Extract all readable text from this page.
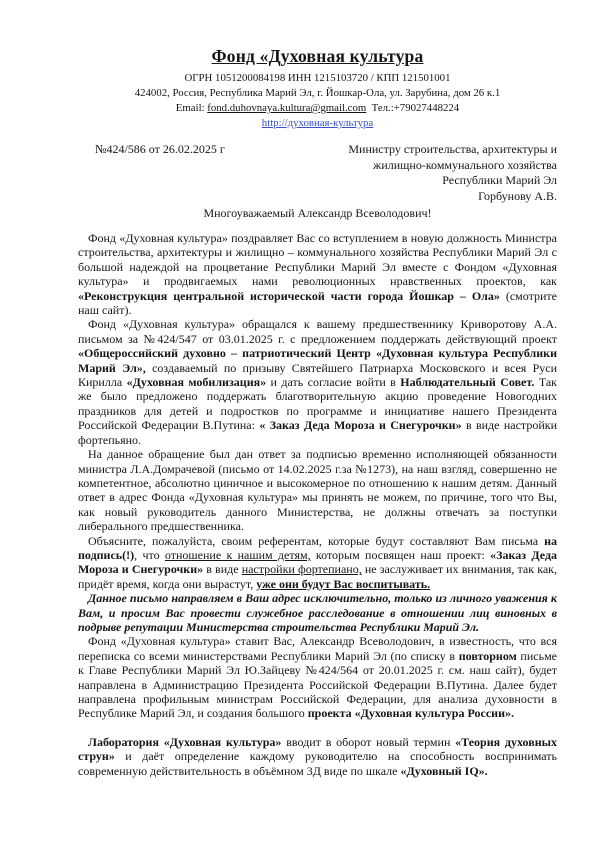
Фонд «Духовная культура
ОГРН 1051200084198 ИНН 1215103720 / КПП 121501001
424002, Россия, Республика Марий Эл, г. Йошкар-Ола, ул. Зарубина, дом 26 к.1
Email: fond.duhovnaya.kultura@gmail.com Тел.:+79027448224
http://духовная-культура
№424/586 от 26.02.2025 г	Министру строительства, архитектуры и
жилищно-коммунального хозяйства
Республики Марий Эл
Горбунову А.В.
Многоуважаемый Александр Всеволодович!

Фонд «Духовная культура» поздравляет Вас со вступлением в новую должность Министра строительства, архитектуры и жилищно – коммунального хозяйства Республики Марий Эл с большой надеждой на процветание Республики Марий Эл вместе с Фондом «Духовная культура» и продвигаемых нами революционных нравственных проектов, как «Реконструкция центральной исторической части города Йошкар – Ола» (смотрите наш сайт).

Фонд «Духовная культура» обращался к вашему предшественнику Криворотову А.А. письмом за №424/547 от 03.01.2025 г. с предложением поддержать действующий проект «Общероссийский духовно – патриотический Центр «Духовная культура Республики Марий Эл», создаваемый по призыву Святейшего Патриарха Московского и всея Руси Кирилла «Духовная мобилизация» и дать согласие войти в Наблюдательный Совет. Так же было предложено поддержать благотворительную акцию проведение Новогодних праздников для детей и подростков по программе и инициативе нашего Президента Российской Федерации В.Путина: « Заказ Деда Мороза и Снегурочки» в виде настройки фортепьяно.

На данное обращение был дан ответ за подписью временно исполняющей обязанности министра Л.А.Домрачевой (письмо от 14.02.2025 г.за №1273), на наш взгляд, совершенно не компетентное, абсолютно циничное и высокомерное по отношению к нашим детям. Данный ответ в адрес Фонда «Духовная культура» мы принять не можем, по причине, того что Вы, как новый руководитель данного Министерства, не должны отвечать за поступки либерального предшественника.

Объясните, пожалуйста, своим референтам, которые будут составляют Вам письма на подпись(!), что отношение к нашим детям, которым посвящен наш проект: «Заказ Деда Мороза и Снегурочки» в виде настройки фортепиано, не заслуживает их внимания, так как, придёт время, когда они вырастут, уже они будут Вас воспитывать.

Данное письмо направляем в Ваш адрес исключительно, только из личного уважения к Вам, и просим Вас провести служебное расследование в отношении лиц виновных в подрыве репутации Министерства строительства Республики Марий Эл.

Фонд «Духовная культура» ставит Вас, Александр Всеволодович, в известность, что вся переписка со всеми министерствами Республики Марий Эл (по списку в повторном письме к Главе Республики Марий Эл Ю.Зайцеву №424/564 от 20.01.2025 г. см. наш сайт), будет направлена в Администрацию Президента Российской Федерации В.Путина. Далее будет направлена профильным министрам Российской Федерации, для анализа духовности в Республике Марий Эл, и создания большого проекта «Духовная культура России».

Лаборатория «Духовная культура» вводит в оборот новый термин «Теория духовных струн» и даёт определение каждому руководителю на способность воспринимать современную действительность в объёмном 3Д виде по шкале «Духовный IQ».
